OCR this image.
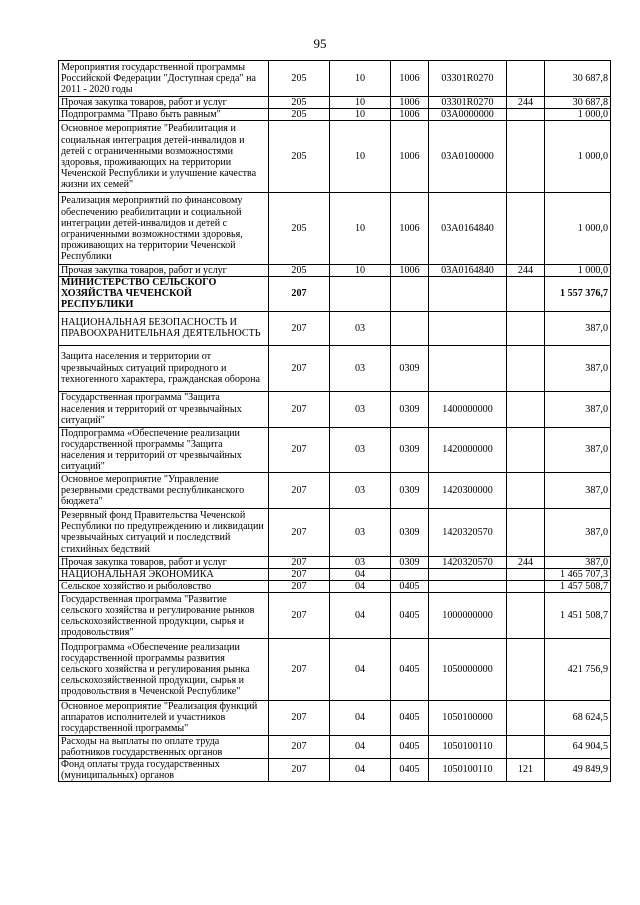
95
Мероприятия государственной программы Российской Федерации "Доступная среда" на 2011 - 2020 годы	205	10	1006	03301R0270		30 687,8
Прочая закупка товаров, работ и услуг	205	10	1006	03301R0270	244	30 687,8
Подпрограмма "Право быть равным"	205	10	1006	03А0000000		1 000,0
Основное мероприятие "Реабилитация и социальная интеграция детей-инвалидов и детей с ограниченными возможностями здоровья, проживающих на территории Чеченской Республики и улучшение качества жизни их семей"	205	10	1006	03А0100000		1 000,0
Реализация мероприятий по финансовому обеспечению реабилитации и социальной интеграции детей-инвалидов и детей с ограниченными возможностями здоровья, проживающих на территории Чеченской Республики	205	10	1006	03А0164840		1 000,0
Прочая закупка товаров, работ и услуг	205	10	1006	03А0164840	244	1 000,0
МИНИСТЕРСТВО СЕЛЬСКОГО ХОЗЯЙСТВА ЧЕЧЕНСКОЙ РЕСПУБЛИКИ	207					1 557 376,7
НАЦИОНАЛЬНАЯ БЕЗОПАСНОСТЬ И ПРАВООХРАНИТЕЛЬНАЯ ДЕЯТЕЛЬНОСТЬ	207	03				387,0
Защита населения и территории от чрезвычайных ситуаций природного и техногенного характера, гражданская оборона	207	03	0309			387,0
Государственная программа "Защита населения и территорий от чрезвычайных ситуаций"	207	03	0309	1400000000		387,0
Подпрограмма «Обеспечение реализации государственной программы "Защита населения и территорий от чрезвычайных ситуаций"	207	03	0309	1420000000		387,0
Основное мероприятие "Управление резервными средствами республиканского бюджета"	207	03	0309	1420300000		387,0
Резервный фонд Правительства Чеченской Республики по предупреждению и ликвидации чрезвычайных ситуаций и последствий стихийных бедствий	207	03	0309	1420320570		387,0
Прочая закупка товаров, работ и услуг	207	03	0309	1420320570	244	387,0
НАЦИОНАЛЬНАЯ ЭКОНОМИКА	207	04				1 465 707,3
Сельское хозяйство и рыболовство	207	04	0405			1 457 508,7
Государственная программа "Развитие сельского хозяйства и регулирование рынков сельскохозяйственной продукции, сырья и продовольствия"	207	04	0405	1000000000		1 451 508,7
Подпрограмма «Обеспечение реализации государственной программы развития сельского хозяйства и регулирования рынка сельскохозяйственной продукции, сырья и продовольствия в Чеченской Республике"	207	04	0405	1050000000		421 756,9
Основное мероприятие "Реализация функций аппаратов исполнителей и участников государственной программы"	207	04	0405	1050100000		68 624,5
Расходы на выплаты по оплате труда работников государственных органов	207	04	0405	1050100110		64 904,5
Фонд оплаты труда государственных (муниципальных) органов	207	04	0405	1050100110	121	49 849,9
